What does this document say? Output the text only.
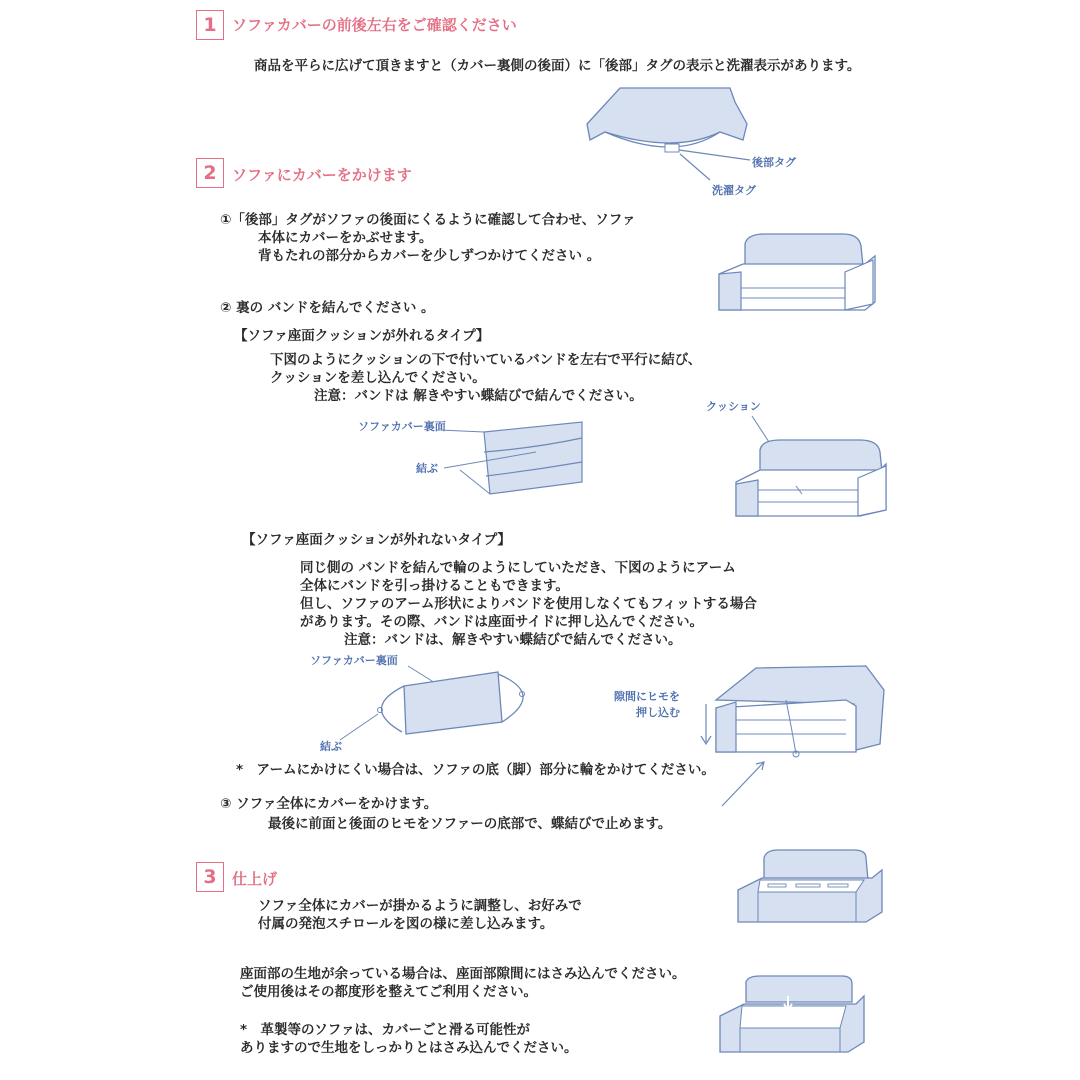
1	ソファカバーの前後左右をご確認ください
商品を平らに広げて頂きますと（カバー裏側の後面）に「後部」タグの表示と洗濯表示があります。
後部タグ
洗濯タグ
2	ソファにカバーをかけます
①「後部」タグがソファの後面にくるように確認して合わせ、ソファ
本体にカバーをかぶせます。
背もたれの部分からカバーを少しずつかけてください 。
② 裏の バンドを結んでください 。
【ソファ座面クッションが外れるタイプ】
下図のようにクッションの下で付いているバンドを左右で平行に結び、
クッションを差し込んでください。
注意：バンドは 解きやすい蝶結びで結んでください。
ソファカバー裏面
結ぶ
クッション
【ソファ座面クッションが外れないタイプ】
同じ側の バンドを結んで輪のようにしていただき、下図のようにアーム
全体にバンドを引っ掛けることもできます。
但し、ソファのアーム形状によりバンドを使用しなくてもフィットする場合
があります。その際、バンドは座面サイドに押し込んでください。
注意：バンドは、解きやすい蝶結びで結んでください。
ソファカバー裏面
結ぶ
隙間にヒモを
押し込む
*　アームにかけにくい場合は、ソファの底（脚）部分に輪をかけてください。
③ ソファ全体にカバーをかけます。
最後に前面と後面のヒモをソファーの底部で、蝶結びで止めます。
3	仕上げ
ソファ全体にカバーが掛かるように調整し、お好みで
付属の発泡スチロールを図の様に差し込みます。
座面部の生地が余っている場合は、座面部隙間にはさみ込んでください。
ご使用後はその都度形を整えてご利用ください。
*　革製等のソファは、カバーごと滑る可能性が
ありますので生地をしっかりとはさみ込んでください。
